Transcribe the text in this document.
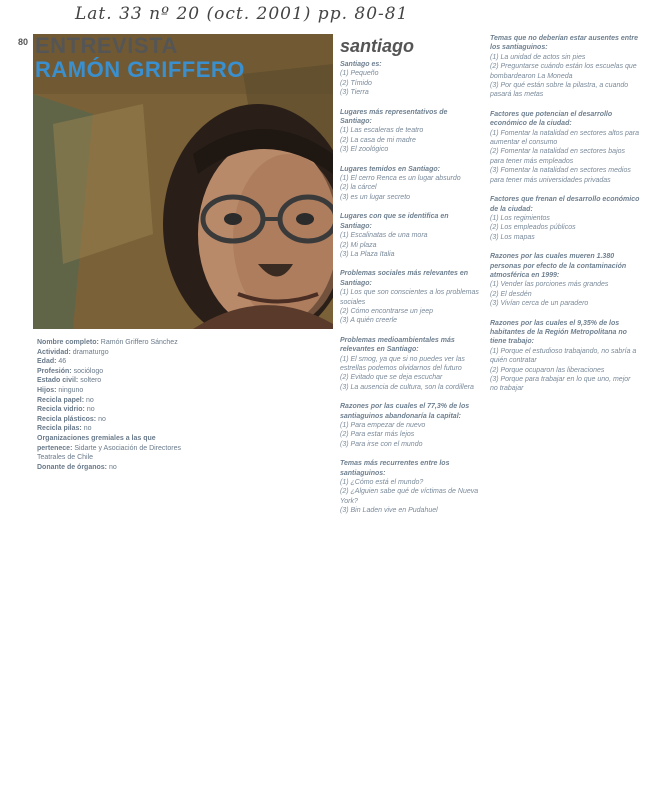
Lat. 33 nº 20 (oct. 2001) pp. 80-81
80 ENTREVISTA
RAMÓN GRIFFERO
santiago
Nombre completo: Ramón Griffero Sánchez
Actividad: dramaturgo
Edad: 46
Profesión: sociólogo
Estado civil: soltero
Hijos: ninguno
Recicla papel: no
Recicla vidrio: no
Recicla plásticos: no
Recicla pilas: no
Organizaciones gremiales a las que pertenece: Sidarte y Asociación de Directores Teatrales de Chile
Donante de órganos: no
Santiago es:
(1) Pequeño
(2) Tímido
(3) Tierra
Lugares más representativos de Santiago:
(1) Las escaleras de teatro
(2) La casa de mi madre
(3) El zoológico
Lugares temidos en Santiago:
(1) El cerro Renca es un lugar absurdo
(2) la cárcel
(3) es un lugar secreto
Lugares con que se identifica en Santiago:
(1) Escalinatas de una mora
(2) Mi plaza
(3) La Plaza Italia
Problemas sociales más relevantes en Santiago:
(1) Los que son conscientes a los problemas sociales
(2) Cómo encontrarse un jeep
(3) A quién creerle
Problemas medioambientales más relevantes en Santiago:
(1) El smog, ya que si no puedes ver las estrellas podemos olvidarnos del futuro
(2) Evitado que se deja escuchar
(3) La ausencia de cultura, son la cordillera
Razones por las cuales el 77,3% de los santiaguinos abandonaría la capital:
(1) Para empezar de nuevo
(2) Para estar más lejos
(3) Para irse con el mundo
Temas más recurrentes entre los santiaguinos:
(1) ¿Cómo está el mundo?
(2) ¿Alguien sabe qué de víctimas de Nueva York?
(3) Bin Laden vive en Pudahuel
Temas que no deberían estar ausentes entre los santiaguinos:
(1) La unidad de actos sin pies
(2) Preguntarse cuándo están los escuelas que bombardearon La Moneda
(3) Por qué están sobre la pilastra, a cuando pasará las metas
Factores que potencian el desarrollo económico de la ciudad:
(1) Fomentar la natalidad en sectores altos para aumentar el consumo
(2) Fomentar la natalidad en sectores bajos para tener más empleados
(3) Fomentar la natalidad en sectores medios para tener más universidades privadas
Factores que frenan el desarrollo económico de la ciudad:
(1) Los regimientos
(2) Los empleados públicos
(3) Los mapas
Razones por las cuales mueren 1.380 personas por efecto de la contaminación atmosférica en 1999:
(1) Vender las porciones más grandes
(2) El desdén
(3) Vivían cerca de un paradero
Razones por las cuales el 9,35% de los habitantes de la Región Metropolitana no tiene trabajo:
(1) Porque el estudioso trabajando, no sabría a quién contratar
(2) Porque ocuparon las liberaciones
(3) Porque para trabajar en lo que uno, mejor no trabajar
